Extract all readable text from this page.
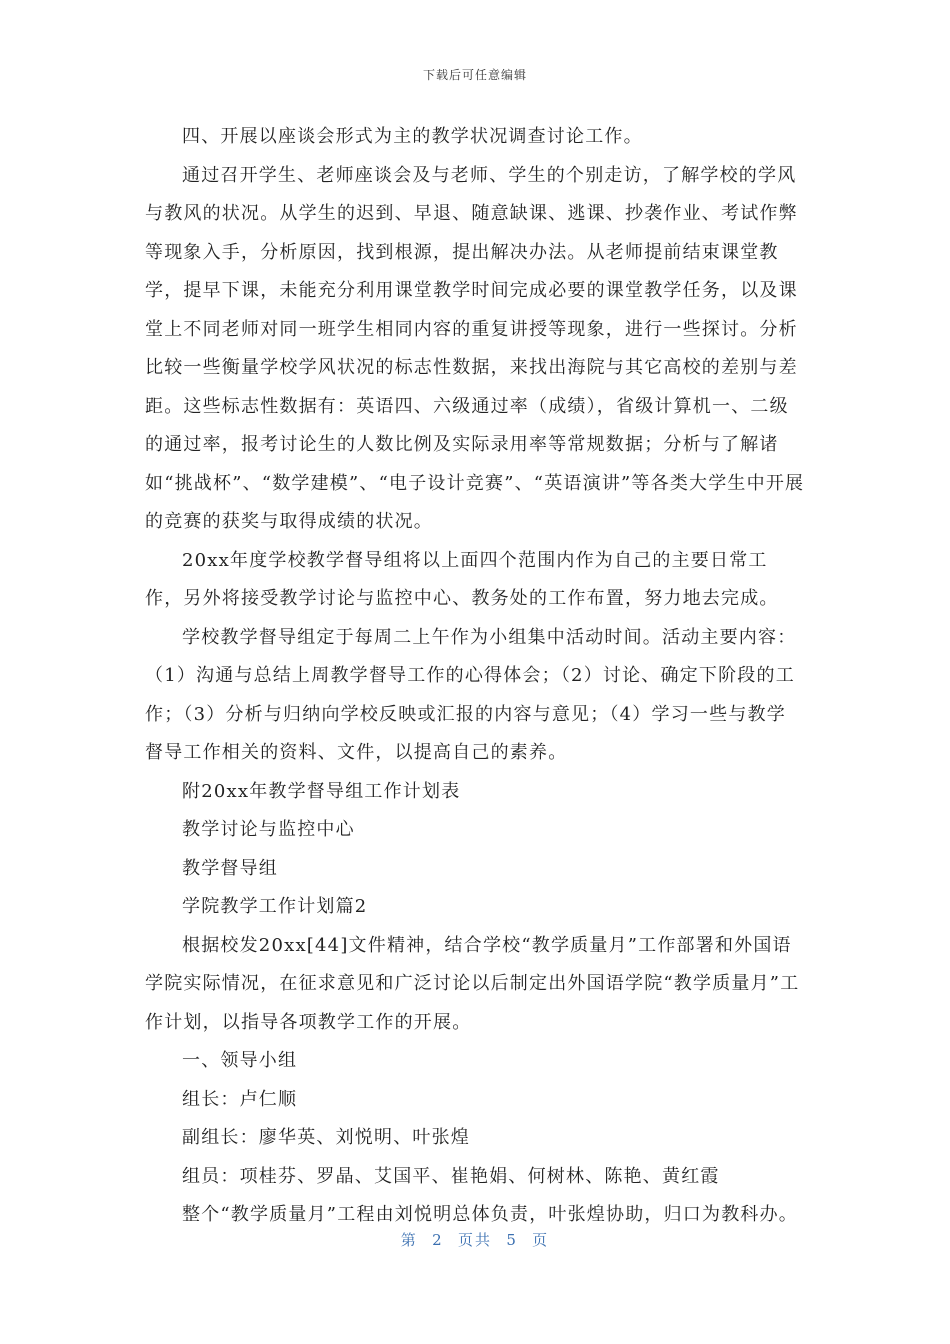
下载后可任意编辑

四、开展以座谈会形式为主的教学状况调查讨论工作。

通过召开学生、老师座谈会及与老师、学生的个别走访，了解学校的学风与教风的状况。从学生的迟到、早退、随意缺课、逃课、抄袭作业、考试作弊等现象入手，分析原因，找到根源，提出解决办法。从老师提前结束课堂教学，提早下课，未能充分利用课堂教学时间完成必要的课堂教学任务，以及课堂上不同老师对同一班学生相同内容的重复讲授等现象，进行一些探讨。分析比较一些衡量学校学风状况的标志性数据，来找出海院与其它高校的差别与差距。这些标志性数据有：英语四、六级通过率（成绩），省级计算机一、二级的通过率，报考讨论生的人数比例及实际录用率等常规数据；分析与了解诸如“挑战杯”、“数学建模”、“电子设计竞赛”、“英语演讲”等各类大学生中开展的竞赛的获奖与取得成绩的状况。

20xx年度学校教学督导组将以上面四个范围内作为自己的主要日常工作，另外将接受教学讨论与监控中心、教务处的工作布置，努力地去完成。

学校教学督导组定于每周二上午作为小组集中活动时间。活动主要内容：（1）沟通与总结上周教学督导工作的心得体会；（2）讨论、确定下阶段的工作；（3）分析与归纳向学校反映或汇报的内容与意见；（4）学习一些与教学督导工作相关的资料、文件，以提高自己的素养。

附20xx年教学督导组工作计划表

教学讨论与监控中心

教学督导组

学院教学工作计划篇2

根据校发20xx[44]文件精神，结合学校“教学质量月”工作部署和外国语学院实际情况，在征求意见和广泛讨论以后制定出外国语学院“教学质量月”工作计划，以指导各项教学工作的开展。

一、领导小组

组长：卢仁顺

副组长：廖华英、刘悦明、叶张煌

组员：项桂芬、罗晶、艾国平、崔艳娟、何树林、陈艳、黄红霞

整个“教学质量月”工程由刘悦明总体负责，叶张煌协助，归口为教科办。

第 2 页共 5 页
